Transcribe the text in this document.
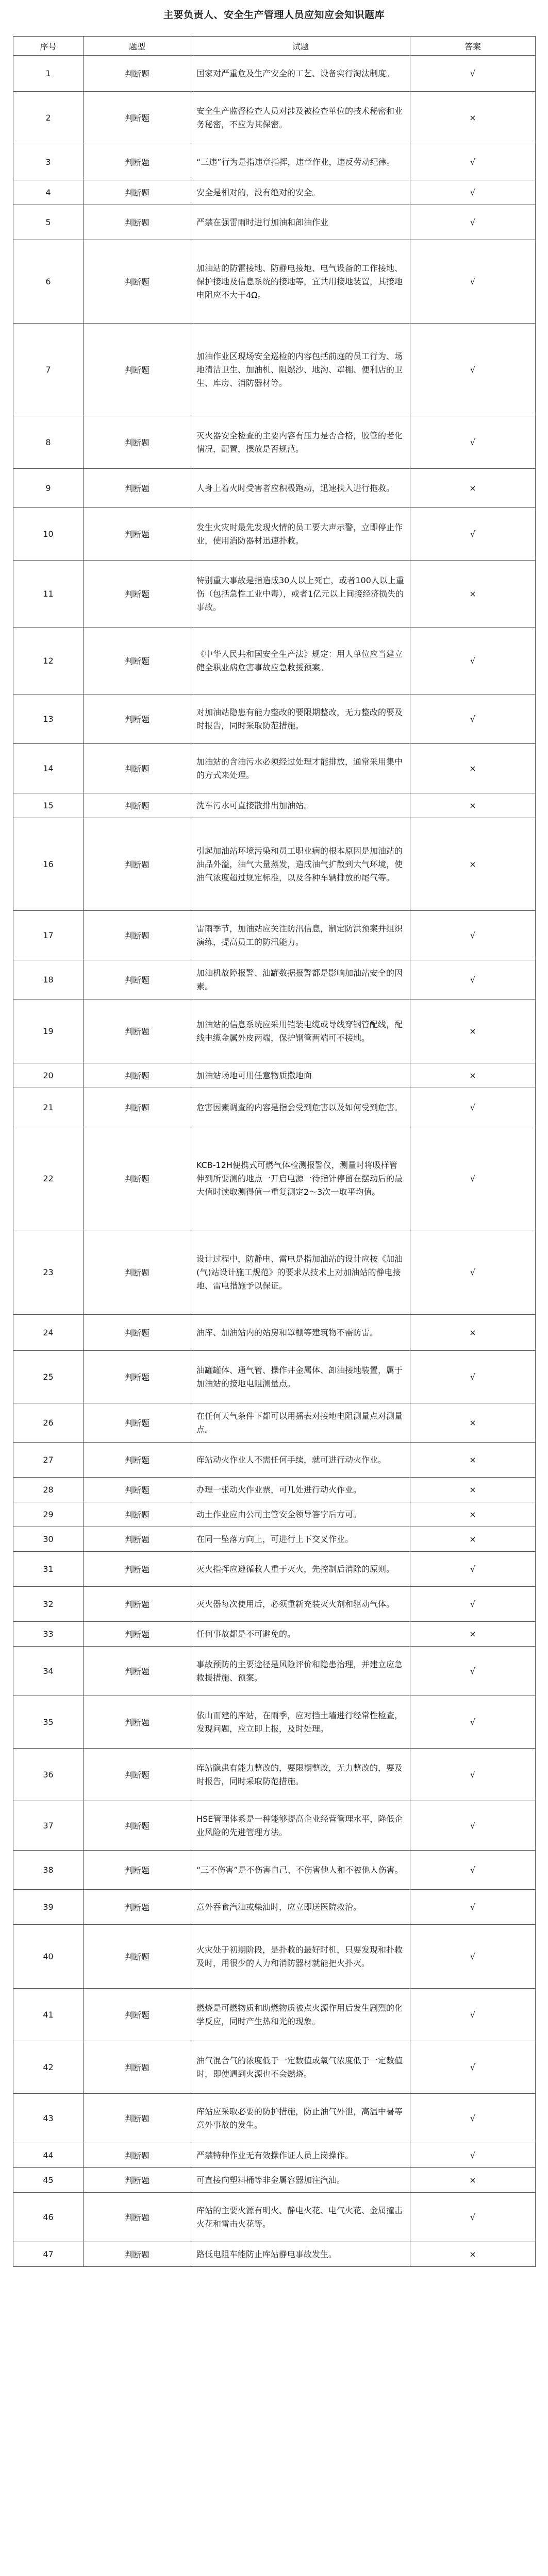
主要负责人、安全生产管理人员应知应会知识题库
序号	题型	试题	答案
1	判断题	国家对严重危及生产安全的工艺、设备实行淘汰制度。	√
2	判断题	安全生产监督检查人员对涉及被检查单位的技术秘密和业务秘密，不应为其保密。	×
3	判断题	“三违”行为是指违章指挥，违章作业，违反劳动纪律。	√
4	判断题	安全是相对的，没有绝对的安全。	√
5	判断题	严禁在强雷雨时进行加油和卸油作业	√
6	判断题	加油站的防雷接地、防静电接地、电气设备的工作接地、保护接地及信息系统的接地等，宜共用接地装置，其接地电阻应不大于4Ω。	√
7	判断题	加油作业区现场安全巡检的内容包括前庭的员工行为、场地清洁卫生、加油机、阻燃沙、地沟、罩棚、便利店的卫生、库房、消防器材等。	√
8	判断题	灭火器安全检查的主要内容有压力是否合格，胶管的老化情况，配置，摆放是否规范。	√
9	判断题	人身上着火时受害者应积极跑动，迅速扶入进行拖救。	×
10	判断题	发生火灾时最先发现火情的员工要大声示警，立即停止作业，使用消防器材迅速扑救。	√
11	判断题	特别重大事故是指造成30人以上死亡，或者100人以上重伤（包括急性工业中毒），或者1亿元以上间接经济损失的事故。	×
12	判断题	《中华人民共和国安全生产法》规定：用人单位应当建立健全职业病危害事故应急救援预案。	√
13	判断题	对加油站隐患有能力整改的要限期整改，无力整改的要及时报告，同时采取防范措施。	√
14	判断题	加油站的含油污水必须经过处理才能排放，通常采用集中的方式来处理。	×
15	判断题	洗车污水可直接散排出加油站。	×
16	判断题	引起加油站环境污染和员工职业病的根本原因是加油站的油品外溢，油气大量蒸发，造成油气扩散到大气环境，使油气浓度超过规定标准，以及各种车辆排放的尾气等。	×
17	判断题	雷雨季节，加油站应关注防汛信息，制定防洪预案并组织演练，提高员工的防汛能力。	√
18	判断题	加油机故障报警、油罐数据报警都是影响加油站安全的因素。	√
19	判断题	加油站的信息系统应采用铠装电缆或导线穿钢管配线，配线电缆金属外皮两端，保护钢管两端可不接地。	×
20	判断题	加油站场地可用任意物质撒地面	×
21	判断题	危害因素调查的内容是指会受到危害以及如何受到危害。	√
22	判断题	KCB-12H便携式可燃气体检测报警仪，测量时将吸样管伸到所要测的地点一开启电源一待指针停留在摆动后的最大值时读取测得值一重复测定2～3次一取平均值。	√
23	判断题	设计过程中，防静电、雷电是指加油站的设计应按《加油(气)站设计施工规范》的要求从技术上对加油站的静电接地、雷电措施予以保证。	√
24	判断题	油库、加油站内的站房和罩棚等建筑物不需防雷。	×
25	判断题	油罐罐体、通气管、操作井金属体、卸油接地装置，属于加油站的接地电阻测量点。	√
26	判断题	在任何天气条件下都可以用摇表对接地电阻测量点对测量点。	×
27	判断题	库站动火作业人不需任何手续，就可进行动火作业。	×
28	判断题	办理一张动火作业票，可几处进行动火作业。	×
29	判断题	动土作业应由公司主管安全领导答字后方可。	×
30	判断题	在同一坠落方向上，可进行上下交叉作业。	×
31	判断题	灭火指挥应遵循救人重于灭火，先控制后消除的原则。	√
32	判断题	灭火器每次使用后，必须重新充装灭火剂和驱动气体。	√
33	判断题	任何事故都是不可避免的。	×
34	判断题	事故预防的主要途径是风险评价和隐患治理，并建立应急救援措施、预案。	√
35	判断题	依山而建的库站，在雨季，应对挡土墙进行经常性检查，发现问题，应立即上报，及时处理。	√
36	判断题	库站隐患有能力整改的，要限期整改，无力整改的，要及时报告，同时采取防范措施。	√
37	判断题	HSE管理体系是一种能够提高企业经营管理水平，降低企业风险的先进管理方法。	√
38	判断题	“三不伤害”是不伤害自己、不伤害他人和不被他人伤害。	√
39	判断题	意外吞食汽油或柴油时，应立即送医院救治。	√
40	判断题	火灾处于初期阶段，是扑救的最好时机，只要发现和扑救及时，用很少的人力和消防器材就能把火扑灭。	√
41	判断题	燃烧是可燃物质和助燃物质被点火源作用后发生剧烈的化学反应，同时产生热和光的现象。	√
42	判断题	油气混合气的浓度低于一定数值或氧气浓度低于一定数值时，即使遇到火源也不会燃烧。	√
43	判断题	库站应采取必要的防护措施，防止油气外泄，高温中暑等意外事故的发生。	√
44	判断题	严禁特种作业无有效操作证人员上岗操作。	√
45	判断题	可直接向塑料桶等非金属容器加注汽油。	×
46	判断题	库站的主要火源有明火、静电火花、电气火花、金属撞击火花和雷击火花等。	√
47	判断题	路低电阻车能防止库站静电事故发生。	×
